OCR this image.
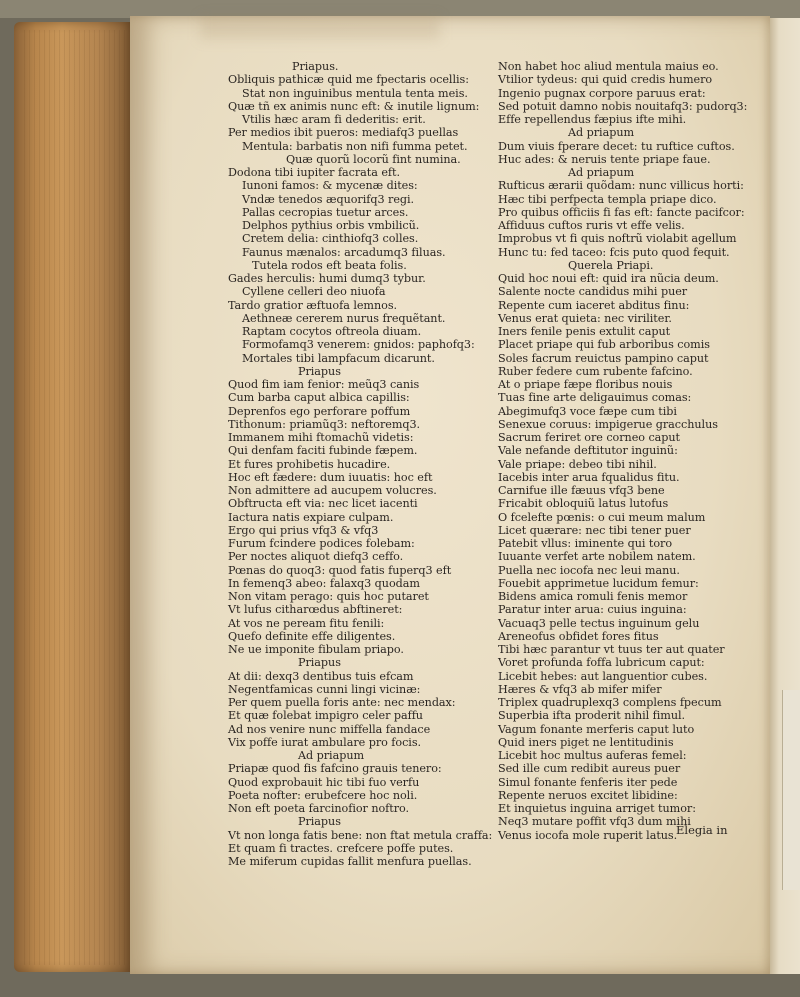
Priapus.
Obliquis pathicæ quid me fpectaris ocellis:
Stat non inguinibus mentula tenta meis.
Quæ tñ ex animis nunc eft: & inutile lignum:
Vtilis hæc aram fi dederitis: erit.
Per medios ibit pueros: mediafq3 puellas
Mentula: barbatis non nifi fumma petet.
Quæ quorũ locorũ fint numina.
Dodona tibi iupiter facrata eft.
Iunoni famos: & mycenæ dites:
Vndæ tenedos æquorifq3 regi.
Pallas cecropias tuetur arces.
Delphos pythius orbis vmbilicũ.
Cretem delia: cinthiofq3 colles.
Faunus mænalos: arcadumq3 filuas.
Tutela rodos eft beata folis.
Gades herculis: humi dumq3 tybur.
Cyllene celleri deo niuofa
Tardo gratior æftuofa lemnos.
Aethneæ cererem nurus frequẽtant.
Raptam cocytos oftreola diuam.
Formofamq3 venerem: gnidos: paphofq3:
Mortales tibi lampfacum dicarunt.
Priapus
Quod fim iam fenior: meũq3 canis
Cum barba caput albica capillis:
Deprenfos ego perforare poffum
Tithonum: priamũq3: neftoremq3.
Immanem mihi ftomachũ videtis:
Qui denfam faciti fubinde fæpem.
Et fures prohibetis hucadire.
Hoc eft fædere: dum iuuatis: hoc eft
Non admittere ad aucupem volucres.
Obftructa eft via: nec licet iacenti
Iactura natis expiare culpam.
Ergo qui prius vfq3 & vfq3
Furum fcindere podices folebam:
Per noctes aliquot diefq3 ceffo.
Pœnas do quoq3: quod fatis fuperq3 eft
In femenq3 abeo: falaxq3 quodam
Non vitam perago: quis hoc putaret
Vt lufus citharœdus abftineret:
At vos ne peream fitu fenili:
Quefo definite effe diligentes.
Ne ue imponite fibulam priapo.
Priapus
At dii: dexq3 dentibus tuis efcam
Negentfamicas cunni lingi vicinæ:
Per quem puella foris ante: nec mendax:
Et quæ folebat impigro celer paffu
Ad nos venire nunc miffella fandace
Vix poffe iurat ambulare pro focis.
Ad priapum
Priapæ quod fis fafcino grauis tenero:
Quod exprobauit hic tibi fuo verfu
Poeta nofter: erubefcere hoc noli.
Non eft poeta farcinofior noftro.
Priapus
Vt non longa fatis bene: non ftat metula craffa:
Et quam fi tractes. crefcere poffe putes.
Me miferum cupidas fallit menfura puellas.
Non habet hoc aliud mentula maius eo.
Vtilior tydeus: qui quid credis humero
Ingenio pugnax corpore paruus erat:
Sed potuit damno nobis nouitafq3: pudorq3:
Effe repellendus fæpius ifte mihi.
Ad priapum
Dum viuis fperare decet: tu ruftice cuftos.
Huc ades: & neruis tente priape faue.
Ad priapum
Rufticus ærarii quõdam: nunc villicus horti:
Hæc tibi perfpecta templa priape dico.
Pro quibus officiis fi fas eft: fancte pacifcor:
Affiduus cuftos ruris vt effe velis.
Improbus vt fi quis noftrũ violabit agellum
Hunc tu: fed taceo: fcis puto quod fequit.
Querela Priapi.
Quid hoc noui eft: quid ira nũcia deum.
Salente nocte candidus mihi puer
Repente cum iaceret abditus finu:
Venus erat quieta: nec viriliter.
Iners fenile penis extulit caput
Placet priape qui fub arboribus comis
Soles facrum reuictus pampino caput
Ruber federe cum rubente fafcino.
At o priape fæpe floribus nouis
Tuas fine arte deligauimus comas:
Abegimufq3 voce fæpe cum tibi
Senexue coruus: impigerue gracchulus
Sacrum feriret ore corneo caput
Vale nefande deftitutor inguinũ:
Vale priape: debeo tibi nihil.
Iacebis inter arua fqualidus fitu.
Carnifue ille fæuus vfq3 bene
Fricabit obloquiũ latus lutofus
O fcelefte pœnis: o cui meum malum
Licet quærare: nec tibi tener puer
Patebit vllus: iminente qui toro
Iuuante verfet arte nobilem natem.
Puella nec iocofa nec leui manu.
Fouebit apprimetue lucidum femur:
Bidens amica romuli fenis memor
Paratur inter arua: cuius inguina:
Vacuaq3 pelle tectus inguinum gelu
Areneofus obfidet fores fitus
Tibi hæc parantur vt tuus ter aut quater
Voret profunda foffa lubricum caput:
Licebit hebes: aut languentior cubes.
Hæres & vfq3 ab mifer mifer
Triplex quadruplexq3 complens fpecum
Superbia ifta proderit nihil fimul.
Vagum fonante merferis caput luto
Quid iners piget ne lentitudinis
Licebit hoc multus auferas femel:
Sed ille cum redibit aureus puer
Simul fonante fenferis iter pede
Repente neruos excitet libidine:
Et inquietus inguina arriget tumor:
Neq3 mutare poffit vfq3 dum mihi
Venus iocofa mole ruperit latus.
Elegia in
